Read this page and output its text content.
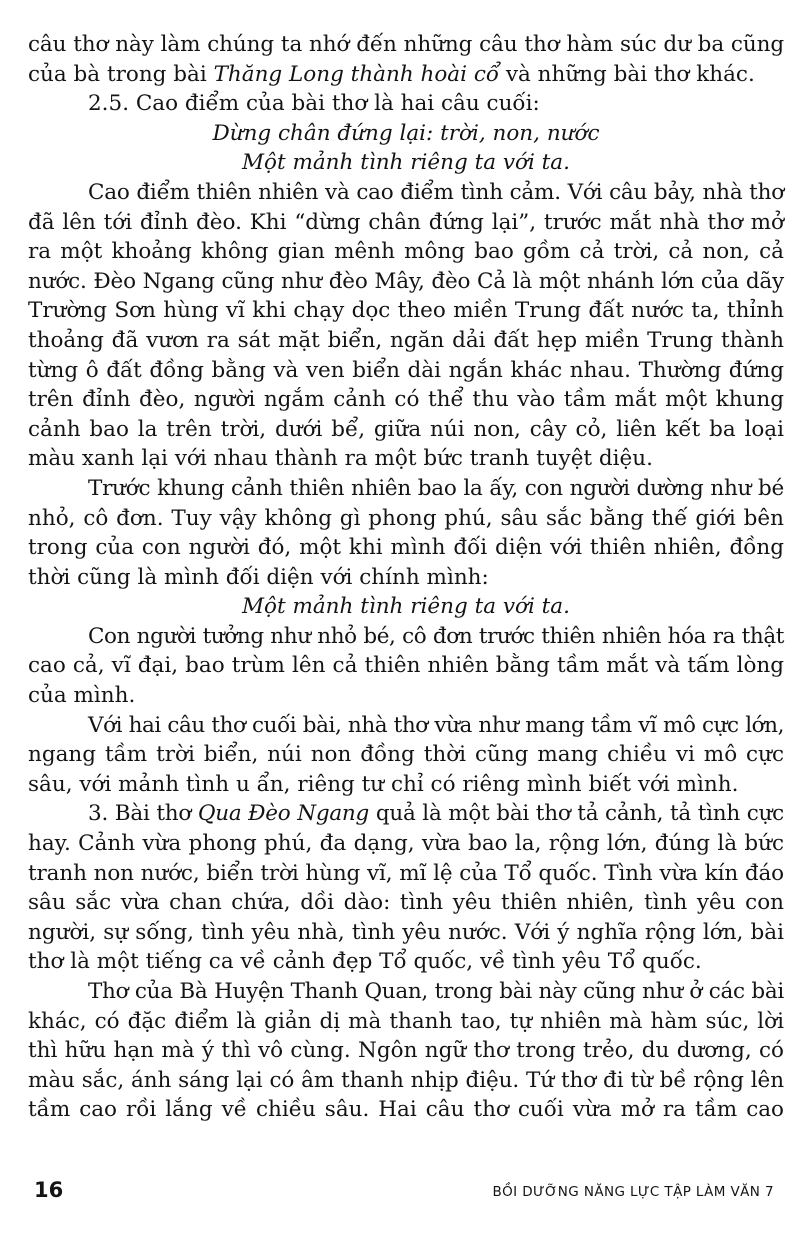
câu thơ này làm chúng ta nhớ đến những câu thơ hàm súc dư ba cũng
của bà trong bài Thăng Long thành hoài cổ và những bài thơ khác.
2.5. Cao điểm của bài thơ là hai câu cuối:
Dừng chân đứng lại: trời, non, nước
Một mảnh tình riêng ta với ta.
Cao điểm thiên nhiên và cao điểm tình cảm. Với câu bảy, nhà thơ
đã lên tới đỉnh đèo. Khi “dừng chân đứng lại”, trước mắt nhà thơ mở
ra một khoảng không gian mênh mông bao gồm cả trời, cả non, cả
nước. Đèo Ngang cũng như đèo Mây, đèo Cả là một nhánh lớn của dãy
Trường Sơn hùng vĩ khi chạy dọc theo miền Trung đất nước ta, thỉnh
thoảng đã vươn ra sát mặt biển, ngăn dải đất hẹp miền Trung thành
từng ô đất đồng bằng và ven biển dài ngắn khác nhau. Thường đứng
trên đỉnh đèo, người ngắm cảnh có thể thu vào tầm mắt một khung
cảnh bao la trên trời, dưới bể, giữa núi non, cây cỏ, liên kết ba loại
màu xanh lại với nhau thành ra một bức tranh tuyệt diệu.
Trước khung cảnh thiên nhiên bao la ấy, con người dường như bé
nhỏ, cô đơn. Tuy vậy không gì phong phú, sâu sắc bằng thế giới bên
trong của con người đó, một khi mình đối diện với thiên nhiên, đồng
thời cũng là mình đối diện với chính mình:
Một mảnh tình riêng ta với ta.
Con người tưởng như nhỏ bé, cô đơn trước thiên nhiên hóa ra thật
cao cả, vĩ đại, bao trùm lên cả thiên nhiên bằng tầm mắt và tấm lòng
của mình.
Với hai câu thơ cuối bài, nhà thơ vừa như mang tầm vĩ mô cực lớn,
ngang tầm trời biển, núi non đồng thời cũng mang chiều vi mô cực
sâu, với mảnh tình u ẩn, riêng tư chỉ có riêng mình biết với mình.
3. Bài thơ Qua Đèo Ngang quả là một bài thơ tả cảnh, tả tình cực
hay. Cảnh vừa phong phú, đa dạng, vừa bao la, rộng lớn, đúng là bức
tranh non nước, biển trời hùng vĩ, mĩ lệ của Tổ quốc. Tình vừa kín đáo
sâu sắc vừa chan chứa, dồi dào: tình yêu thiên nhiên, tình yêu con
người, sự sống, tình yêu nhà, tình yêu nước. Với ý nghĩa rộng lớn, bài
thơ là một tiếng ca về cảnh đẹp Tổ quốc, về tình yêu Tổ quốc.
Thơ của Bà Huyện Thanh Quan, trong bài này cũng như ở các bài
khác, có đặc điểm là giản dị mà thanh tao, tự nhiên mà hàm súc, lời
thì hữu hạn mà ý thì vô cùng. Ngôn ngữ thơ trong trẻo, du dương, có
màu sắc, ánh sáng lại có âm thanh nhịp điệu. Tứ thơ đi từ bề rộng lên
tầm cao rồi lắng về chiều sâu. Hai câu thơ cuối vừa mở ra tầm cao
16	BỒI DƯỠNG NĂNG LỰC TẬP LÀM VĂN 7
